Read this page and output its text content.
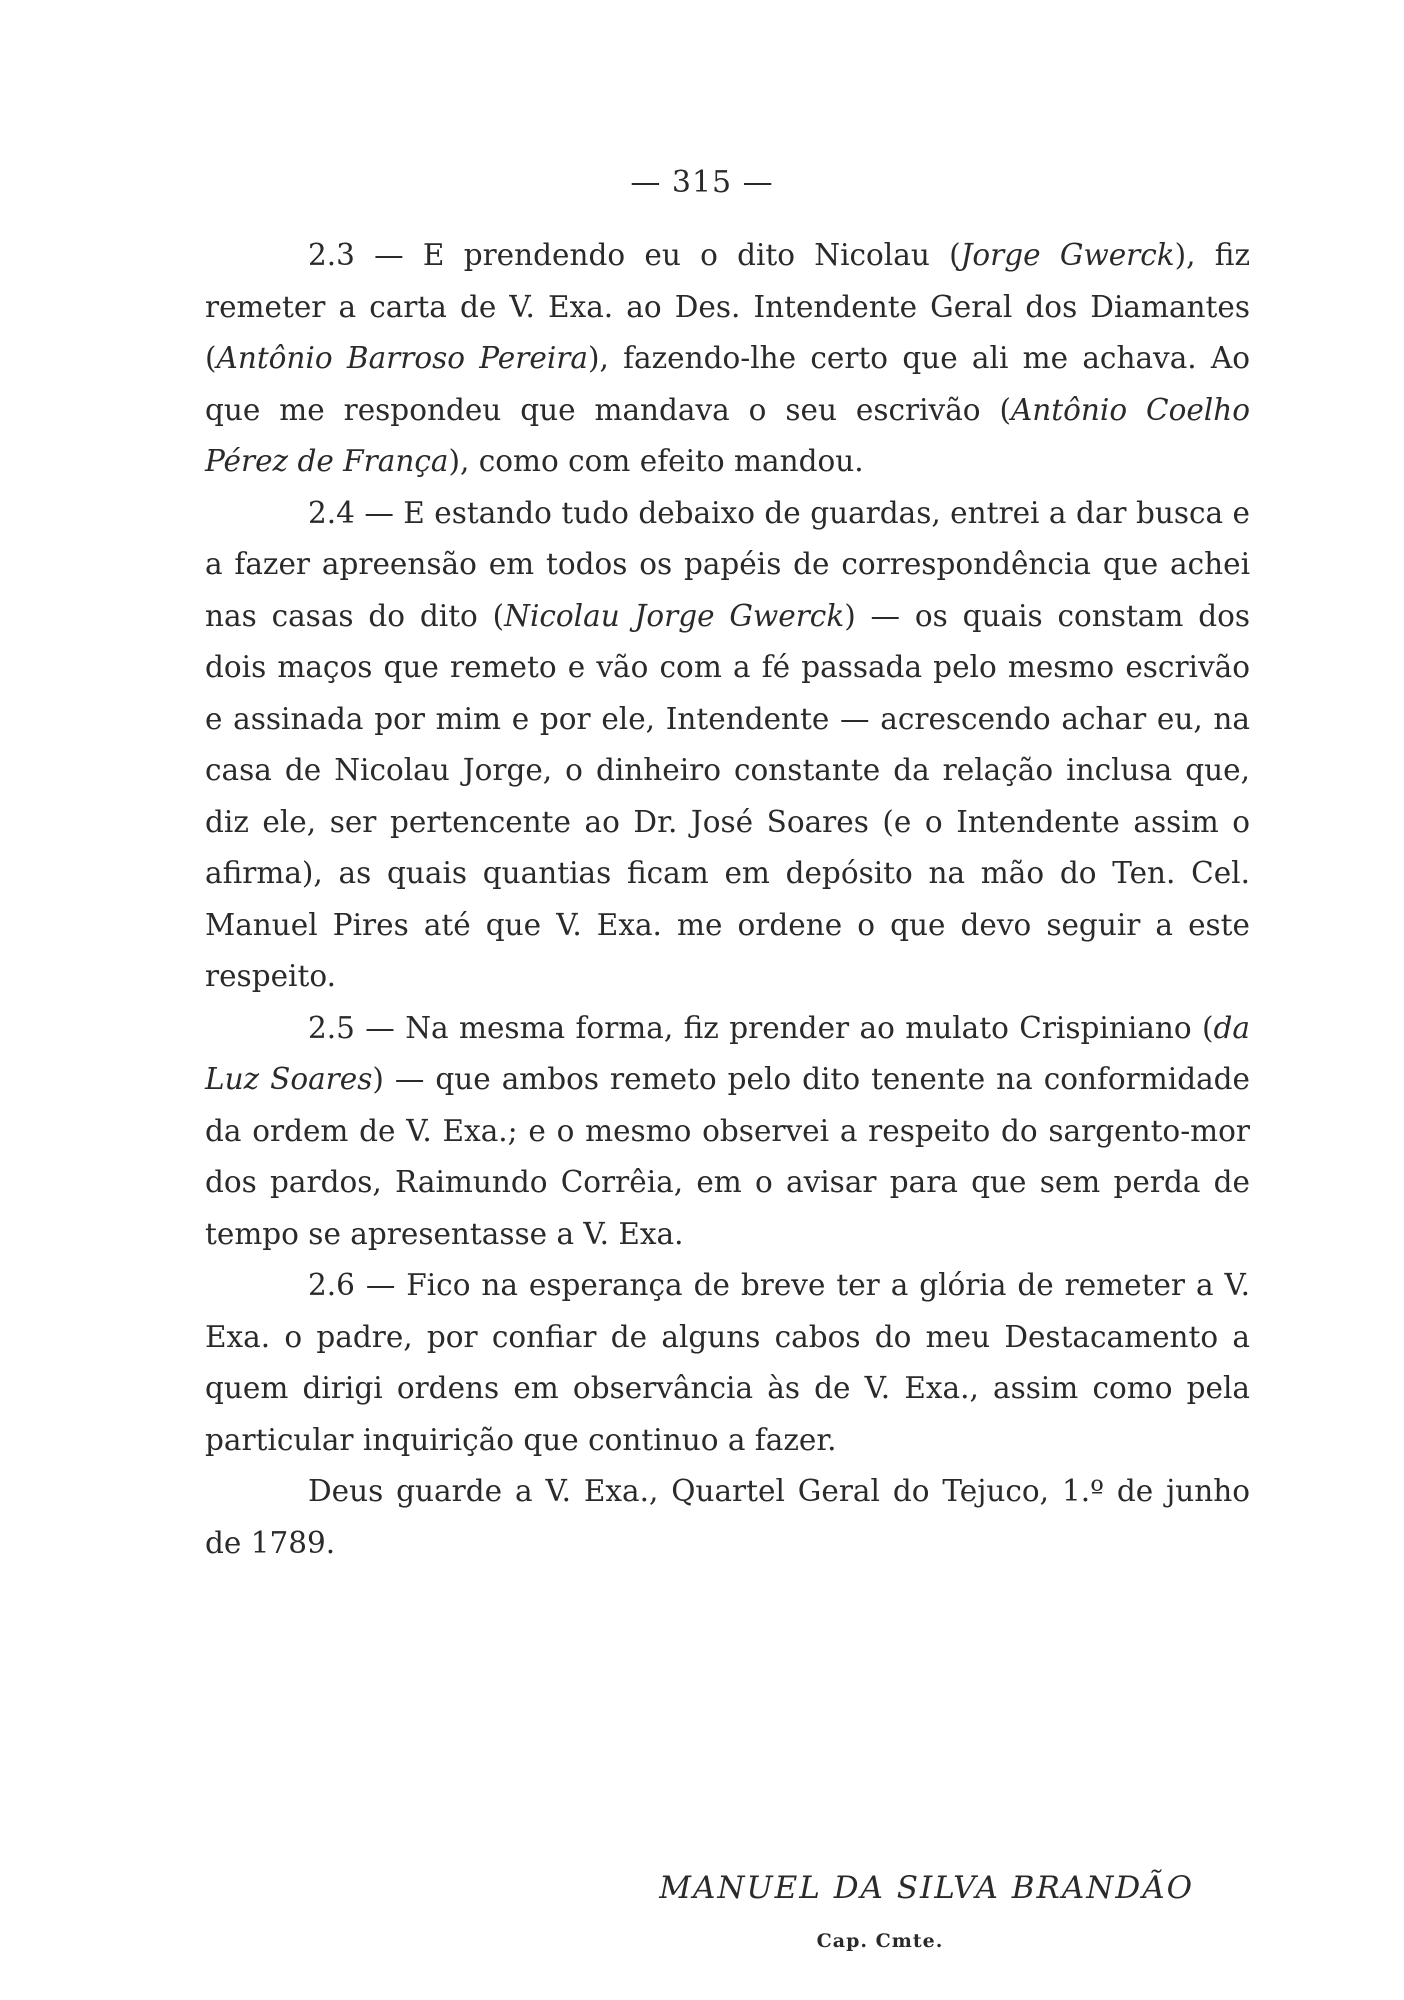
— 315 —

2.3 — E prendendo eu o dito Nicolau (Jorge Gwerck), fiz remeter a carta de V. Exa. ao Des. Intendente Geral dos Diamantes (Antônio Barroso Pereira), fazendo-lhe certo que ali me achava. Ao que me respondeu que mandava o seu escrivão (Antônio Coelho Pérez de França), como com efeito mandou.

2.4 — E estando tudo debaixo de guardas, entrei a dar busca e a fazer apreensão em todos os papéis de correspondência que achei nas casas do dito (Nicolau Jorge Gwerck) — os quais constam dos dois maços que remeto e vão com a fé passada pelo mesmo escrivão e assinada por mim e por ele, Intendente — acrescendo achar eu, na casa de Nicolau Jorge, o dinheiro constante da relação inclusa que, diz ele, ser pertencente ao Dr. José Soares (e o Intendente assim o afirma), as quais quantias ficam em depósito na mão do Ten. Cel. Manuel Pires até que V. Exa. me ordene o que devo seguir a este respeito.

2.5 — Na mesma forma, fiz prender ao mulato Crispiniano (da Luz Soares) — que ambos remeto pelo dito tenente na conformidade da ordem de V. Exa.; e o mesmo observei a respeito do sargento-mor dos pardos, Raimundo Corrêia, em o avisar para que sem perda de tempo se apresentasse a V. Exa.

2.6 — Fico na esperança de breve ter a glória de remeter a V. Exa. o padre, por confiar de alguns cabos do meu Destacamento a quem dirigi ordens em observância às de V. Exa., assim como pela particular inquirição que continuo a fazer.

Deus guarde a V. Exa., Quartel Geral do Tejuco, 1.º de junho de 1789.

MANUEL DA SILVA BRANDÃO
Cap. Cmte.
